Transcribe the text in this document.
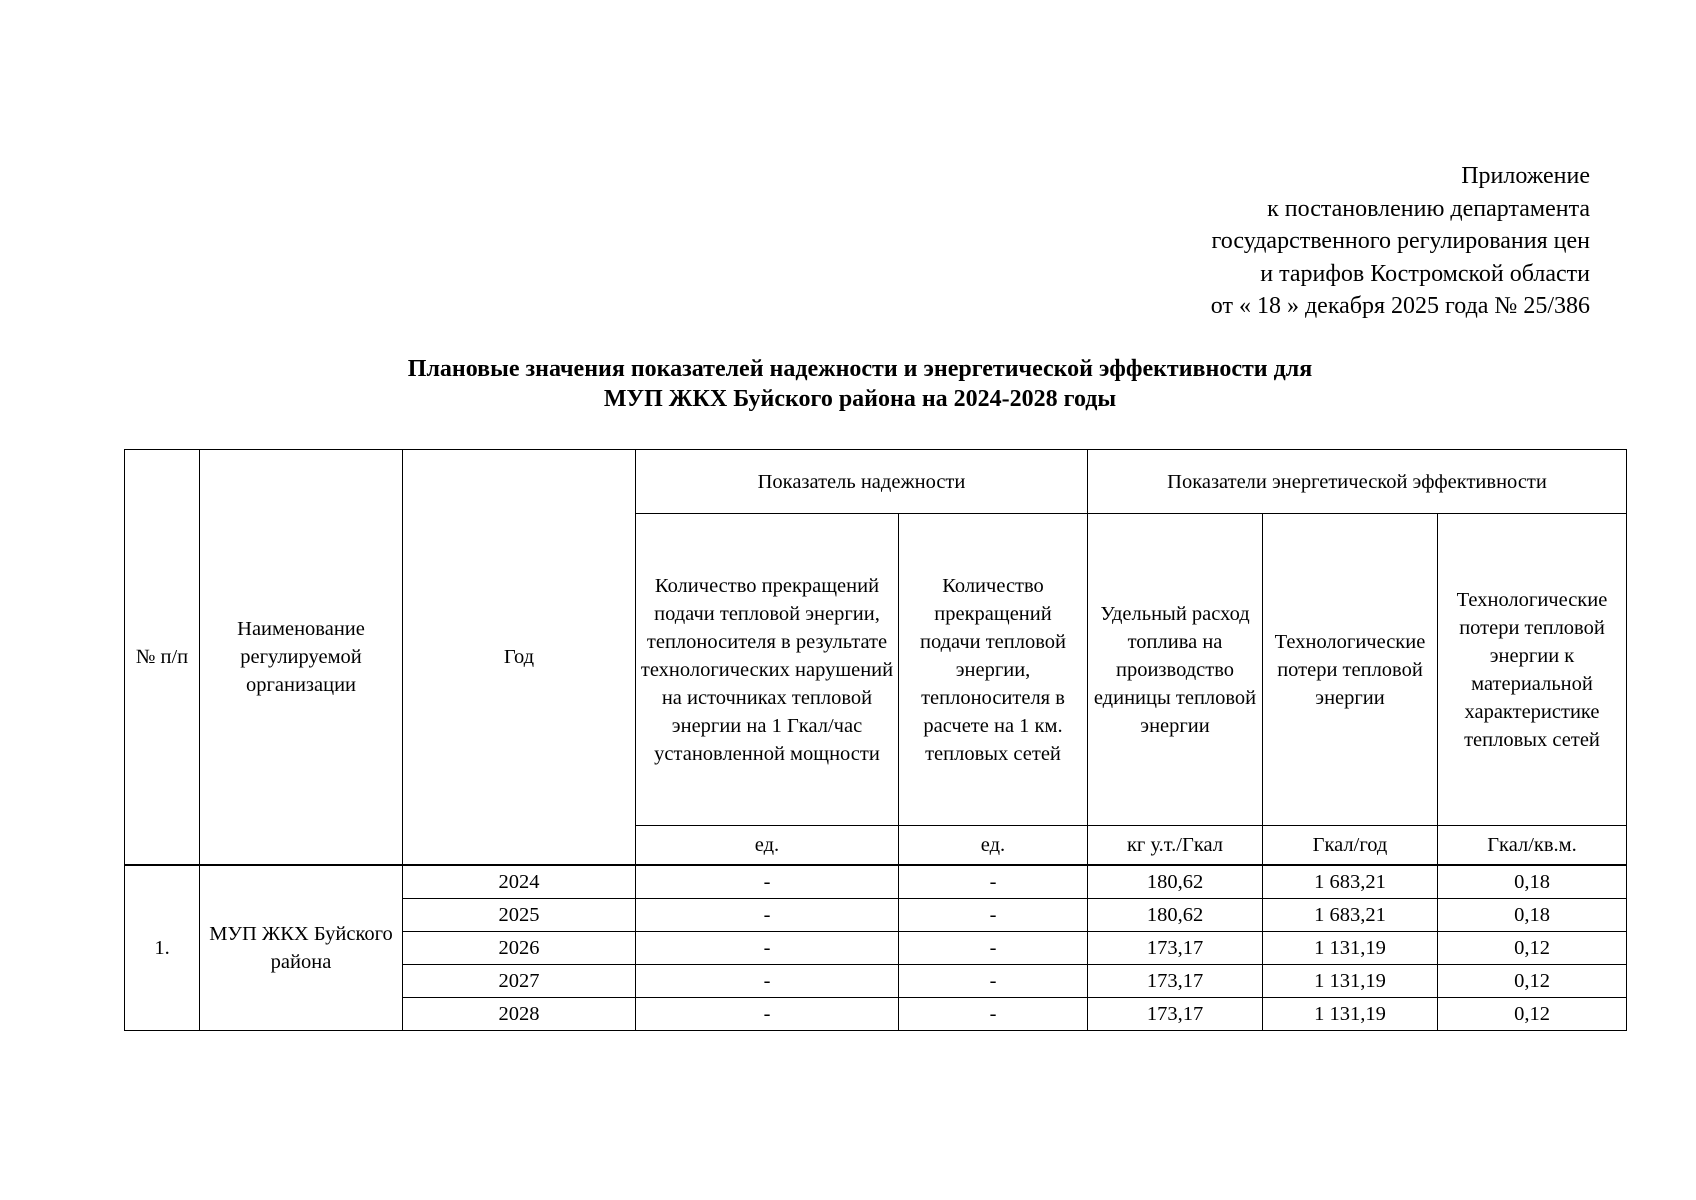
Приложение
к постановлению департамента
государственного регулирования цен
и тарифов Костромской области
от « 18 » декабря 2025 года № 25/386
Плановые значения показателей надежности и энергетической эффективности для
МУП ЖКХ Буйского района на 2024-2028 годы
№ п/п	Наименование регулируемой организации	Год	Показатель надежности		Показатели энергетической эффективности		
			Количество прекращений подачи тепловой энергии, теплоносителя в результате технологических нарушений на источниках тепловой энергии на 1 Гкал/час установленной мощности	Количество прекращений подачи тепловой энергии, теплоносителя в расчете на 1 км. тепловых сетей	Удельный расход топлива на производство единицы тепловой энергии	Технологические потери тепловой энергии	Технологические потери тепловой энергии к материальной характеристике тепловых сетей
			ед.	ед.	кг у.т./Гкал	Гкал/год	Гкал/кв.м.
1.	МУП ЖКХ Буйского района	2024	-	-	180,62	1 683,21	0,18
		2025	-	-	180,62	1 683,21	0,18
		2026	-	-	173,17	1 131,19	0,12
		2027	-	-	173,17	1 131,19	0,12
		2028	-	-	173,17	1 131,19	0,12
